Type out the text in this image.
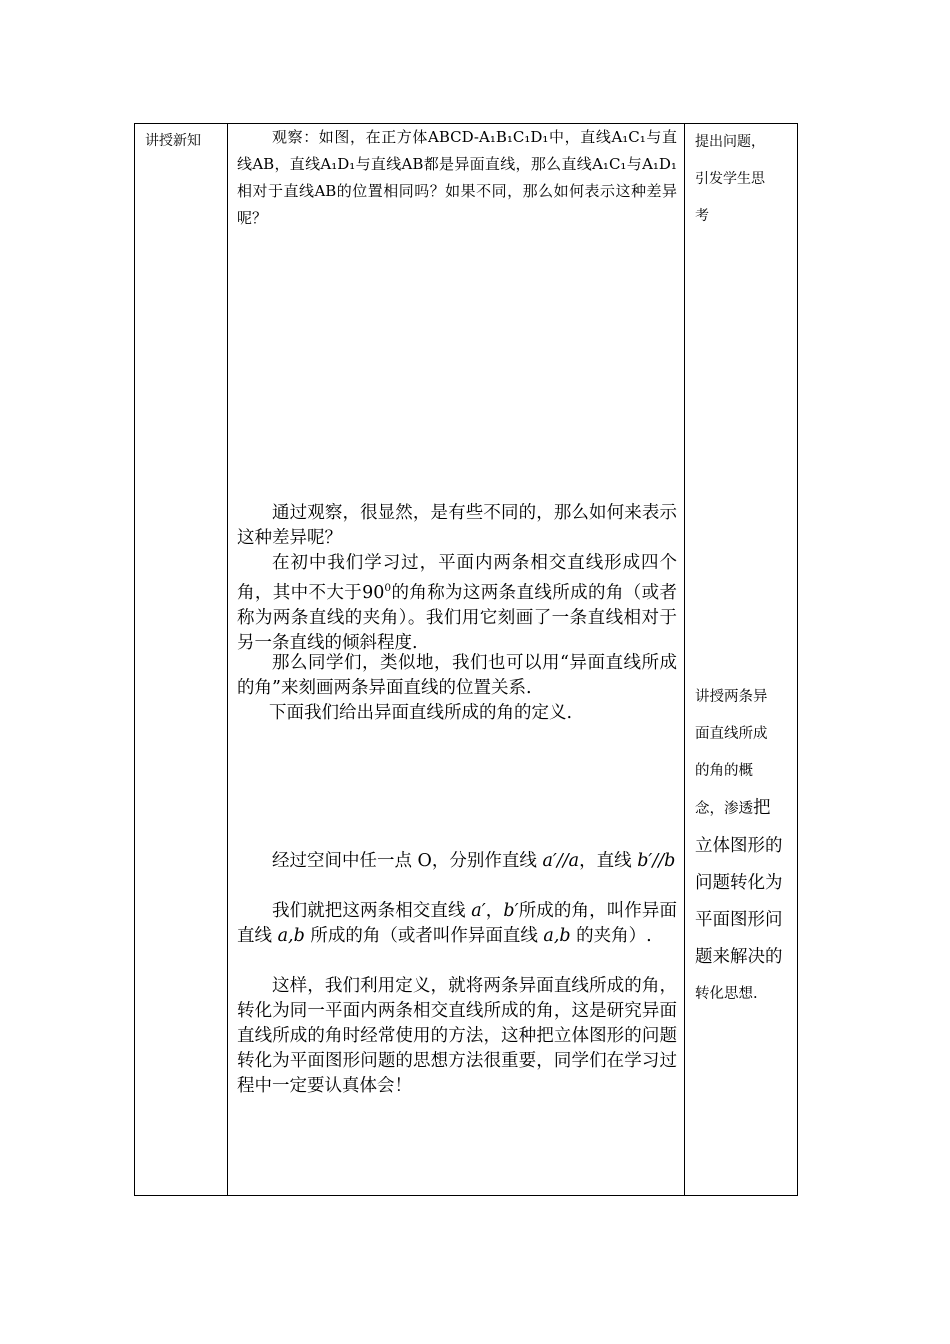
讲授新知	观察：如图，在正方体ABCD-A₁B₁C₁D₁中，直线A₁C₁与直线AB，直线A₁D₁与直线AB都是异面直线，那么直线A₁C₁与A₁D₁相对于直线AB的位置相同吗？如果不同，那么如何表示这种差异呢？

通过观察，很显然，是有些不同的，那么如何来表示这种差异呢？

在初中我们学习过，平面内两条相交直线形成四个角，其中不大于$90^0$的角称为这两条直线所成的角（或者称为两条直线的夹角）。我们用它刻画了一条直线相对于另一条直线的倾斜程度.

那么同学们，类似地，我们也可以用“异面直线所成的角”来刻画两条异面直线的位置关系.

下面我们给出异面直线所成的角的定义.

经过空间中任一点 O，分别作直线 a′//a，直线 b′//b

我们就把这两条相交直线 a′，b′所成的角，叫作异面直线 a,b 所成的角（或者叫作异面直线 a,b 的夹角）.

这样，我们利用定义，就将两条异面直线所成的角，转化为同一平面内两条相交直线所成的角，这是研究异面直线所成的角时经常使用的方法，这种把立体图形的问题转化为平面图形问题的思想方法很重要，同学们在学习过程中一定要认真体会！

提出问题，
引发学生思
考
讲授两条异
面直线所成
的角的概
念，渗透把
立体图形的
问题转化为
平面图形问
题来解决的
转化思想.
